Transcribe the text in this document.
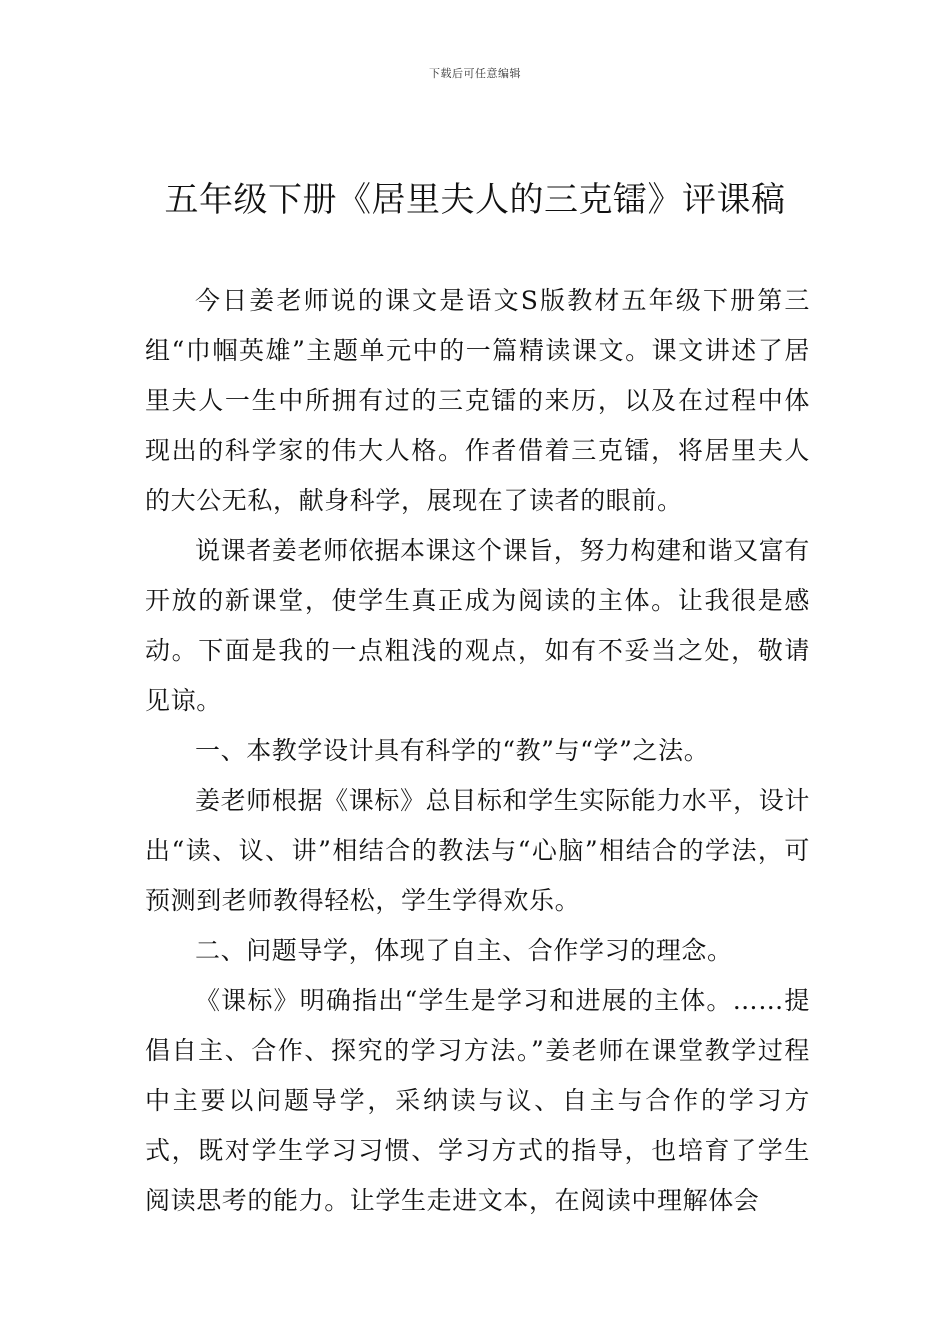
下载后可任意编辑
五年级下册《居里夫人的三克镭》评课稿

今日姜老师说的课文是语文S版教材五年级下册第三组“巾帼英雄”主题单元中的一篇精读课文。课文讲述了居里夫人一生中所拥有过的三克镭的来历，以及在过程中体现出的科学家的伟大人格。作者借着三克镭，将居里夫人的大公无私，献身科学，展现在了读者的眼前。

说课者姜老师依据本课这个课旨，努力构建和谐又富有开放的新课堂，使学生真正成为阅读的主体。让我很是感动。下面是我的一点粗浅的观点，如有不妥当之处，敬请见谅。

一、本教学设计具有科学的“教”与“学”之法。

姜老师根据《课标》总目标和学生实际能力水平，设计出“读、议、讲”相结合的教法与“心脑”相结合的学法，可预测到老师教得轻松，学生学得欢乐。

二、问题导学，体现了自主、合作学习的理念。

《课标》明确指出“学生是学习和进展的主体。……提倡自主、合作、探究的学习方法。”姜老师在课堂教学过程中主要以问题导学，采纳读与议、自主与合作的学习方式，既对学生学习习惯、学习方式的指导，也培育了学生阅读思考的能力。让学生走进文本，在阅读中理解体会
